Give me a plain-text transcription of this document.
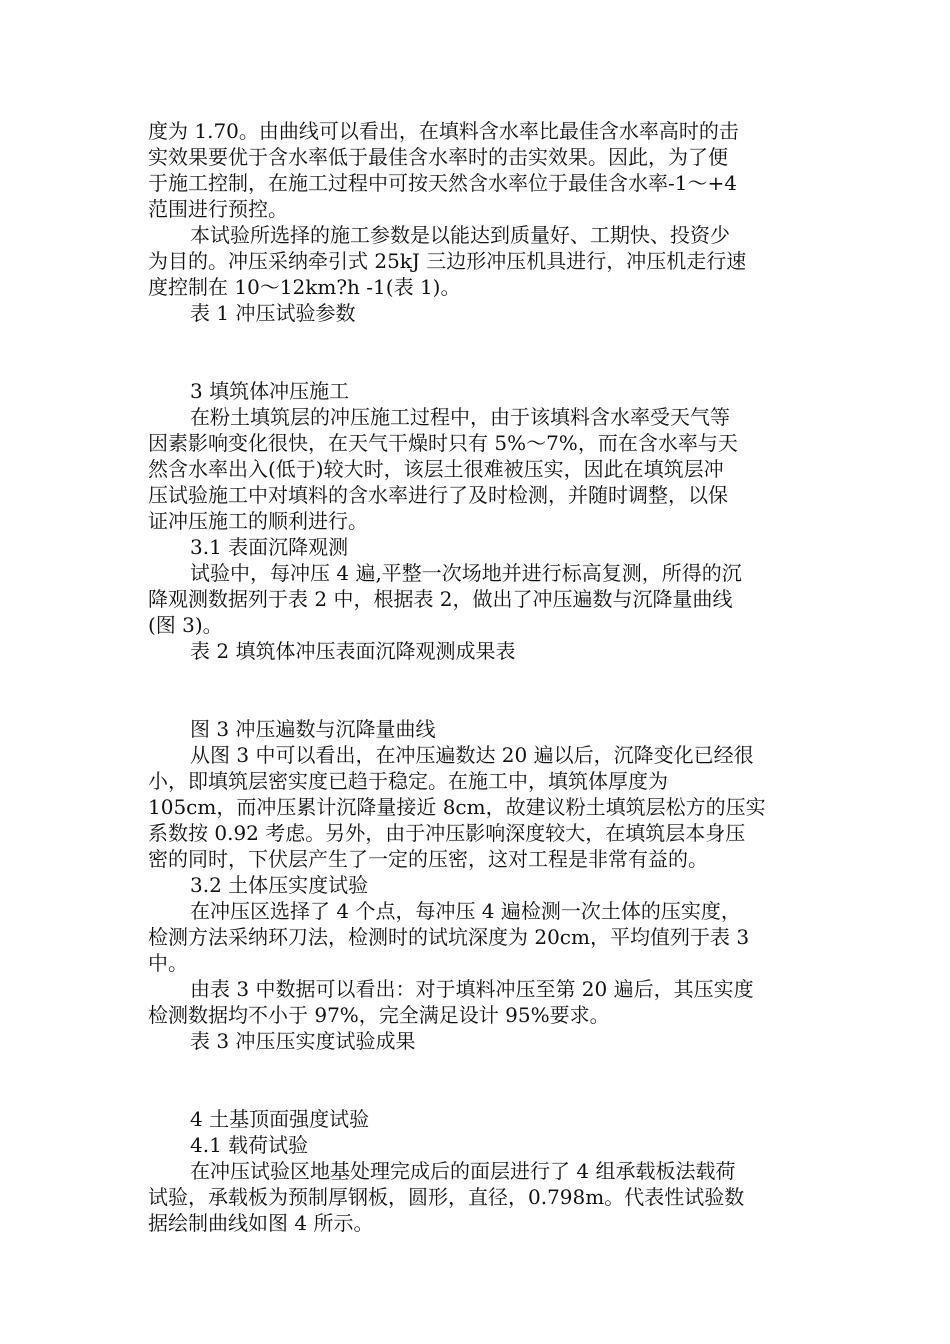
度为 1.70。由曲线可以看出，在填料含水率比最佳含水率高时的击
实效果要优于含水率低于最佳含水率时的击实效果。因此，为了便
于施工控制，在施工过程中可按天然含水率位于最佳含水率-1～+4
范围进行预控。
本试验所选择的施工参数是以能达到质量好、工期快、投资少
为目的。冲压采纳牵引式 25kJ 三边形冲压机具进行，冲压机走行速
度控制在 10～12km?h -1(表 1)。
表 1 冲压试验参数
3 填筑体冲压施工
在粉土填筑层的冲压施工过程中，由于该填料含水率受天气等
因素影响变化很快，在天气干燥时只有 5%～7%，而在含水率与天
然含水率出入(低于)较大时，该层土很难被压实，因此在填筑层冲
压试验施工中对填料的含水率进行了及时检测，并随时调整，以保
证冲压施工的顺利进行。
3.1 表面沉降观测
试验中，每冲压 4 遍,平整一次场地并进行标高复测，所得的沉
降观测数据列于表 2 中，根据表 2，做出了冲压遍数与沉降量曲线
(图 3)。
表 2 填筑体冲压表面沉降观测成果表
图 3 冲压遍数与沉降量曲线
从图 3 中可以看出，在冲压遍数达 20 遍以后，沉降变化已经很
小，即填筑层密实度已趋于稳定。在施工中，填筑体厚度为
105cm，而冲压累计沉降量接近 8cm，故建议粉土填筑层松方的压实
系数按 0.92 考虑。另外，由于冲压影响深度较大，在填筑层本身压
密的同时，下伏层产生了一定的压密，这对工程是非常有益的。
3.2 土体压实度试验
在冲压区选择了 4 个点，每冲压 4 遍检测一次土体的压实度，
检测方法采纳环刀法，检测时的试坑深度为 20cm，平均值列于表 3
中。
由表 3 中数据可以看出：对于填料冲压至第 20 遍后，其压实度
检测数据均不小于 97%，完全满足设计 95%要求。
表 3 冲压压实度试验成果
4 土基顶面强度试验
4.1 载荷试验
在冲压试验区地基处理完成后的面层进行了 4 组承载板法载荷
试验，承载板为预制厚钢板，圆形，直径，0.798m。代表性试验数
据绘制曲线如图 4 所示。
